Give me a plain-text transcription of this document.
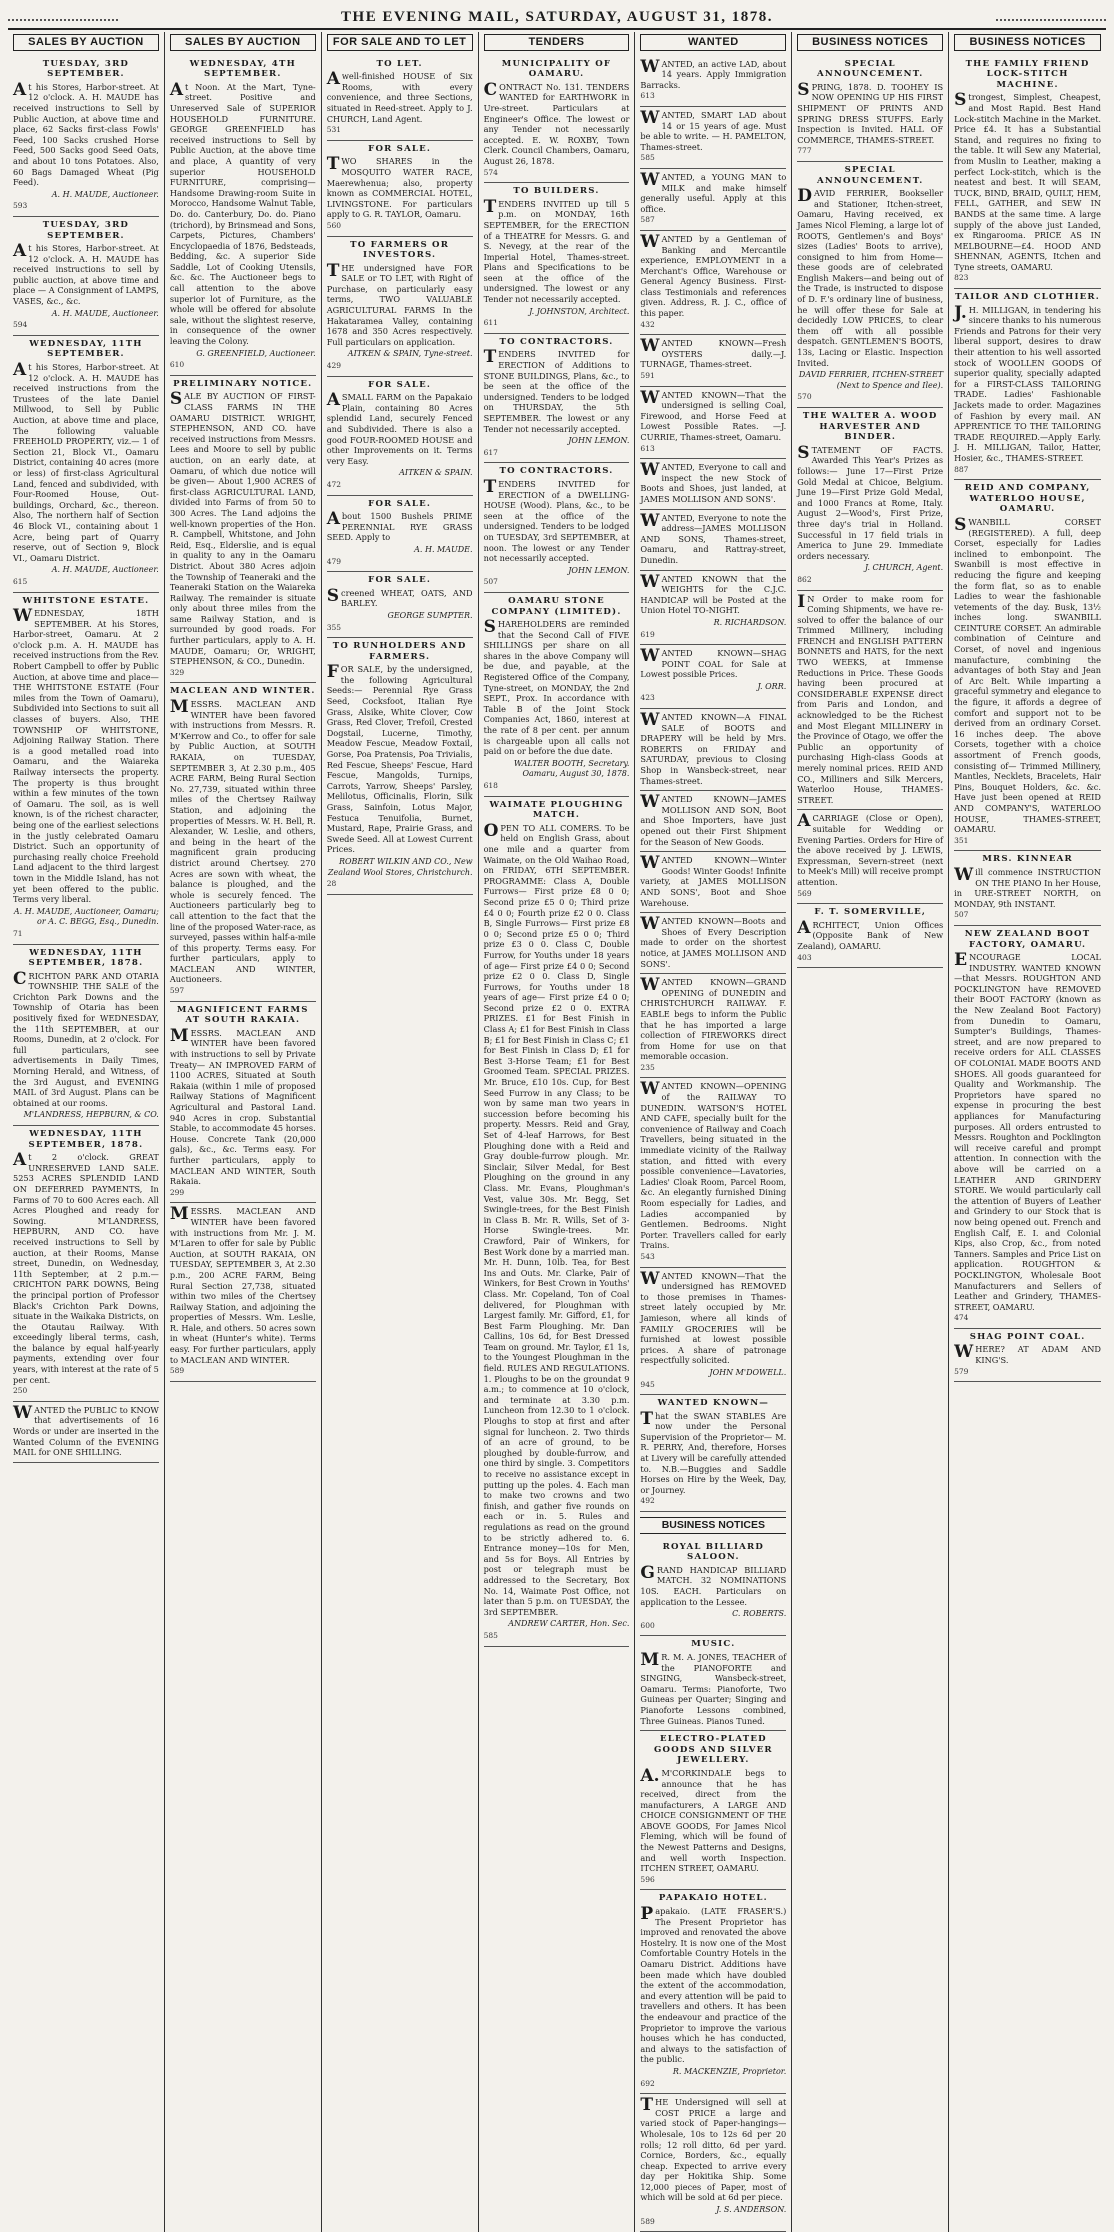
THE EVENING MAIL, SATURDAY, AUGUST 31, 1878.
SALES BY AUCTION
TUESDAY, 3RD SEPTEMBER.

At his Stores, Harbor-street. At 12 o'clock. A. H. MAUDE has received instructions to Sell by Public Auction, at above time and place, 62 Sacks first-class Fowls' Feed, 100 Sacks crushed Horse Feed, 500 Sacks good Seed Oats, and about 10 tons Potatoes. Also, 60 Bags Damaged Wheat (Pig Feed).

A. H. MAUDE, Auctioneer.
593
TUESDAY, 3RD SEPTEMBER.

At his Stores, Harbor-street. At 12 o'clock. A. H. MAUDE has received instructions to sell by public auction, at above time and place — A Consignment of LAMPS, VASES, &c., &c.

A. H. MAUDE, Auctioneer.
594
WEDNESDAY, 11TH SEPTEMBER.

At his Stores, Harbor-street. At 12 o'clock. A. H. MAUDE has received instructions from the Trustees of the late Daniel Millwood, to Sell by Public Auction, at above time and place, The following valuable FREEHOLD PROPERTY, viz.— 1 of Section 21, Block VI., Oamaru District, containing 40 acres (more or less) of first-class Agricultural Land, fenced and subdivided, with Four-Roomed House, Out-buildings, Orchard, &c., thereon. Also, The northern half of Section 46 Block VI., containing about 1 Acre, being part of Quarry reserve, out of Section 9, Block VI., Oamaru District.

A. H. MAUDE, Auctioneer.
615
WHITSTONE ESTATE.

WEDNESDAY, 18TH SEPTEMBER. At his Stores, Harbor-street, Oamaru. At 2 o'clock p.m. A. H. MAUDE has received instructions from the Rev. Robert Campbell to offer by Public Auction, at above time and place— THE WHITSTONE ESTATE (Four miles from the Town of Oamaru), Subdivided into Sections to suit all classes of buyers. Also, THE TOWNSHIP OF WHITSTONE, Adjoining Railway Station. There is a good metalled road into Oamaru, and the Waiareka Railway intersects the property. The property is thus brought within a few minutes of the town of Oamaru. The soil, as is well known, is of the richest character, being one of the earliest selections in the justly celebrated Oamaru District. Such an opportunity of purchasing really choice Freehold Land adjacent to the third largest town in the Middle Island, has not yet been offered to the public. Terms very liberal.

A. H. MAUDE, Auctioneer, Oamaru; or A. C. BEGG, Esq., Dunedin.
71
WEDNESDAY, 11TH SEPTEMBER, 1878.

CRICHTON PARK AND OTARIA TOWNSHIP. THE SALE of the Crichton Park Downs and the Township of Otaria has been positively fixed for WEDNESDAY, the 11th SEPTEMBER, at our Rooms, Dunedin, at 2 o'clock. For full particulars, see advertisements in Daily Times, Morning Herald, and Witness, of the 3rd August, and EVENING MAIL of 3rd August. Plans can be obtained at our rooms.

M'LANDRESS, HEPBURN, & CO.
WEDNESDAY, 11TH SEPTEMBER, 1878.

At 2 o'clock. GREAT UNRESERVED LAND SALE. 5253 ACRES SPLENDID LAND ON DEFERRED PAYMENTS, In Farms of 70 to 600 Acres each. All Acres Ploughed and ready for Sowing. M'LANDRESS, HEPBURN, AND CO. have received instructions to Sell by auction, at their Rooms, Manse street, Dunedin, on Wednesday, 11th September, at 2 p.m.— CRICHTON PARK DOWNS, Being the principal portion of Professor Black's Crichton Park Downs, situate in the Waikaka Districts, on the Otautau Railway. With exceedingly liberal terms, cash, the balance by equal half-yearly payments, extending over four years, with interest at the rate of 5 per cent.

250

WANTED the PUBLIC to KNOW that advertisements of 16 Words or under are inserted in the Wanted Column of the EVENING MAIL for ONE SHILLING.

SALES BY AUCTION
WEDNESDAY, 4TH SEPTEMBER.

At Noon. At the Mart, Tyne-street. Positive and Unreserved Sale of SUPERIOR HOUSEHOLD FURNITURE. GEORGE GREENFIELD has received instructions to Sell by Public Auction, at the above time and place, A quantity of very superior HOUSEHOLD FURNITURE, comprising— Handsome Drawing-room Suite in Morocco, Handsome Walnut Table, Do. do. Canterbury, Do. do. Piano (trichord), by Brinsmead and Sons, Carpets, Pictures, Chambers' Encyclopaedia of 1876, Bedsteads, Bedding, &c. A superior Side Saddle, Lot of Cooking Utensils, &c. &c. The Auctioneer begs to call attention to the above superior lot of Furniture, as the whole will be offered for absolute sale, without the slightest reserve, in consequence of the owner leaving the Colony.

G. GREENFIELD, Auctioneer.
610
PRELIMINARY NOTICE.

SALE BY AUCTION OF FIRST-CLASS FARMS IN THE OAMARU DISTRICT. WRIGHT, STEPHENSON, AND CO. have received instructions from Messrs. Lees and Moore to sell by public auction, on an early date, at Oamaru, of which due notice will be given— About 1,900 ACRES of first-class AGRICULTURAL LAND, divided into Farms of from 50 to 300 Acres. The Land adjoins the well-known properties of the Hon. R. Campbell, Whitstone, and John Reid, Esq., Elderslie, and is equal in quality to any in the Oamaru District. About 380 Acres adjoin the Township of Teaneraki and the Teaneraki Station on the Waiareka Railway. The remainder is situate only about three miles from the same Railway Station, and is surrounded by good roads. For further particulars, apply to A. H. MAUDE, Oamaru; Or, WRIGHT, STEPHENSON, & CO., Dunedin.

329
MACLEAN AND WINTER.

MESSRS. MACLEAN AND WINTER have been favored with instructions from Messrs. R. M'Kerrow and Co., to offer for sale by Public Auction, at SOUTH RAKAIA, on TUESDAY, SEPTEMBER 3, At 2.30 p.m., 405 ACRE FARM, Being Rural Section No. 27,739, situated within three miles of the Chertsey Railway Station, and adjoining the properties of Messrs. W. H. Bell, R. Alexander, W. Leslie, and others, and being in the heart of the magnificent grain producing district around Chertsey. 270 Acres are sown with wheat, the balance is ploughed, and the whole is securely fenced. The Auctioneers particularly beg to call attention to the fact that the line of the proposed Water-race, as surveyed, passes within half-a-mile of this property. Terms easy. For further particulars, apply to MACLEAN AND WINTER, Auctioneers.

597
MAGNIFICENT FARMS AT SOUTH RAKAIA.

MESSRS. MACLEAN AND WINTER have been favored with instructions to sell by Private Treaty— AN IMPROVED FARM of 1100 ACRES, Situated at South Rakaia (within 1 mile of proposed Railway Stations of Magnificent Agricultural and Pastoral Land. 940 Acres in crop. Substantial Stable, to accommodate 45 horses. House. Concrete Tank (20,000 gals), &c., &c. Terms easy. For further particulars, apply to MACLEAN AND WINTER, South Rakaia.

299

MESSRS. MACLEAN AND WINTER have been favored with instructions from Mr. J. M. M'Laren to offer for sale by Public Auction, at SOUTH RAKAIA, ON TUESDAY, SEPTEMBER 3, At 2.30 p.m., 200 ACRE FARM, Being Rural Section 27,738, situated within two miles of the Chertsey Railway Station, and adjoining the properties of Messrs. Wm. Leslie, R. Hale, and others. 50 acres sown in wheat (Hunter's white). Terms easy. For further particulars, apply to MACLEAN AND WINTER.

589
FOR SALE AND TO LET
TO LET.

Awell-finished HOUSE of Six Rooms, with every convenience, and three Sections, situated in Reed-street. Apply to J. CHURCH, Land Agent.

531
FOR SALE.

TWO SHARES in the MOSQUITO WATER RACE, Maerewhenua; also, property known as COMMERCIAL HOTEL, LIVINGSTONE. For particulars apply to G. R. TAYLOR, Oamaru.

560
TO FARMERS OR INVESTORS.

THE undersigned have FOR SALE or TO LET, with Right of Purchase, on particularly easy terms, TWO VALUABLE AGRICULTURAL FARMS In the Hakataramea Valley, containing 1678 and 350 Acres respectively. Full particulars on application.

AITKEN & SPAIN, Tyne-street.
429
FOR SALE.

ASMALL FARM on the Papakaio Plain, containing 80 Acres splendid Land, securely Fenced and Subdivided. There is also a good FOUR-ROOMED HOUSE and other Improvements on it. Terms very Easy.

AITKEN & SPAIN.
472
FOR SALE.

About 1500 Bushels PRIME PERENNIAL RYE GRASS SEED. Apply to

A. H. MAUDE.
479
FOR SALE.

Screened WHEAT, OATS, AND BARLEY.

GEORGE SUMPTER.
355
TO RUNHOLDERS AND FARMERS.

FOR SALE, by the undersigned, the following Agricultural Seeds:— Perennial Rye Grass Seed, Cocksfoot, Italian Rye Grass, Alsike, White Clover, Cow Grass, Red Clover, Trefoil, Crested Dogstail, Lucerne, Timothy, Meadow Fescue, Meadow Foxtail, Gorse, Poa Pratensis, Poa Trivialis, Red Fescue, Sheeps' Fescue, Hard Fescue, Mangolds, Turnips, Carrots, Yarrow, Sheeps' Parsley, Melilotus, Officinalis, Florin, Silk Grass, Sainfoin, Lotus Major, Festuca Tenuifolia, Burnet, Mustard, Rape, Prairie Grass, and Swede Seed. All at Lowest Current Prices.

ROBERT WILKIN AND CO., New Zealand Wool Stores, Christchurch.
28
TENDERS
MUNICIPALITY OF OAMARU.

CONTRACT No. 131. TENDERS WANTED for EARTHWORK in Ure-street. Particulars at Engineer's Office. The lowest or any Tender not necessarily accepted. E. W. ROXBY, Town Clerk. Council Chambers, Oamaru, August 26, 1878.

574
TO BUILDERS.

TENDERS INVITED up till 5 p.m. on MONDAY, 16th SEPTEMBER, for the ERECTION of a THEATRE for Messrs. G. and S. Nevegy, at the rear of the Imperial Hotel, Thames-street. Plans and Specifications to be seen at the office of the undersigned. The lowest or any Tender not necessarily accepted.

J. JOHNSTON, Architect.
611
TO CONTRACTORS.

TENDERS INVITED for ERECTION of Additions to STONE BUILDINGS, Plans, &c., to be seen at the office of the undersigned. Tenders to be lodged on THURSDAY, the 5th SEPTEMBER. The lowest or any Tender not necessarily accepted.

JOHN LEMON.
617
TO CONTRACTORS.

TENDERS INVITED for ERECTION of a DWELLING-HOUSE (Wood). Plans, &c., to be seen at the office of the undersigned. Tenders to be lodged on TUESDAY, 3rd SEPTEMBER, at noon. The lowest or any Tender not necessarily accepted.

JOHN LEMON.
507
OAMARU STONE COMPANY (LIMITED).

SHAREHOLDERS are reminded that the Second Call of FIVE SHILLINGS per share on all shares in the above Company will be due, and payable, at the Registered Office of the Company, Tyne-street, on MONDAY, the 2nd SEPT., Prox. In accordance with Table B of the Joint Stock Companies Act, 1860, interest at the rate of 8 per cent. per annum is chargeable upon all calls not paid on or before the due date.

WALTER BOOTH, Secretary. Oamaru, August 30, 1878.
618
WAIMATE PLOUGHING MATCH.

OPEN TO ALL COMERS. To be held on English Grass, about one mile and a quarter from Waimate, on the Old Waihao Road, on FRIDAY, 6TH SEPTEMBER. PROGRAMME: Class A, Double Furrows— First prize £8 0 0; Second prize £5 0 0; Third prize £4 0 0; Fourth prize £2 0 0. Class B, Single Furrows— First prize £8 0 0; Second prize £5 0 0; Third prize £3 0 0. Class C, Double Furrow, for Youths under 18 years of age— First prize £4 0 0; Second prize £2 0 0. Class D, Single Furrows, for Youths under 18 years of age— First prize £4 0 0; Second prize £2 0 0. EXTRA PRIZES. £1 for Best Finish in Class A; £1 for Best Finish in Class B; £1 for Best Finish in Class C; £1 for Best Finish in Class D; £1 for Best 3-Horse Team; £1 for Best Groomed Team. SPECIAL PRIZES. Mr. Bruce, £10 10s. Cup, for Best Seed Furrow in any Class; to be won by same man two years in succession before becoming his property. Messrs. Reid and Gray, Set of 4-leaf Harrows, for Best Ploughing done with a Reid and Gray double-furrow plough. Mr. Sinclair, Silver Medal, for Best Ploughing on the ground in any Class. Mr. Evans, Ploughman's Vest, value 30s. Mr. Begg, Set Swingle-trees, for the Best Finish in Class B. Mr. R. Wills, Set of 3-Horse Swingle-trees. Mr. Crawford, Pair of Winkers, for Best Work done by a married man. Mr. H. Dunn, 10lb. Tea, for Best Ins and Outs. Mr. Clarke, Pair of Winkers, for Best Crown in Youths' Class. Mr. Copeland, Ton of Coal delivered, for Ploughman with Largest family. Mr. Gifford, £1, for Best Farm Ploughing. Mr. Dan Callins, 10s 6d, for Best Dressed Team on ground. Mr. Taylor, £1 1s, to the Youngest Ploughman in the field. RULES AND REGULATIONS. 1. Ploughs to be on the groundat 9 a.m.; to commence at 10 o'clock, and terminate at 3.30 p.m. Luncheon from 12.30 to 1 o'clock. Ploughs to stop at first and after signal for luncheon. 2. Two thirds of an acre of ground, to be ploughed by double-furrow, and one third by single. 3. Competitors to receive no assistance except in putting up the poles. 4. Each man to make two crowns and two finish, and gather five rounds on each or in. 5. Rules and regulations as read on the ground to be strictly adhered to. 6. Entrance money—10s for Men, and 5s for Boys. All Entries by post or telegraph must be addressed to the Secretary, Box No. 14, Waimate Post Office, not later than 5 p.m. on TUESDAY, the 3rd SEPTEMBER.

ANDREW CARTER, Hon. Sec.
585
WANTED

WANTED, an active LAD, about 14 years. Apply Immigration Barracks.

613

WANTED, SMART LAD about 14 or 15 years of age. Must be able to write. — H. PAMELTON, Thames-street.

585

WANTED, a YOUNG MAN to MILK and make himself generally useful. Apply at this office.

587

WANTED by a Gentleman of Banking and Mercantile experience, EMPLOYMENT in a Merchant's Office, Warehouse or General Agency Business. First-class Testimonials and references given. Address, R. J. C., office of this paper.

432

WANTED KNOWN—Fresh OYSTERS daily.—J. TURNAGE, Thames-street.

591

WANTED KNOWN—That the undersigned is selling Coal, Firewood, and Horse Feed at Lowest Possible Rates. —J. CURRIE, Thames-street, Oamaru.

613

WANTED, Everyone to call and inspect the new Stock of Boots and Shoes, just landed, at JAMES MOLLISON AND SONS'.

WANTED, Everyone to note the address—JAMES MOLLISON AND SONS, Thames-street, Oamaru, and Rattray-street, Dunedin.

WANTED KNOWN that the WEIGHTS for the C.J.C. HANDICAP will be Posted at the Union Hotel TO-NIGHT.

R. RICHARDSON.
619

WANTED KNOWN—SHAG POINT COAL for Sale at Lowest possible Prices.

J. ORR.
423

WANTED KNOWN—A FINAL SALE of BOOTS and DRAPERY will be held by Mrs. ROBERTS on FRIDAY and SATURDAY, previous to Closing Shop in Wansbeck-street, near Thames-street.

WANTED KNOWN—JAMES MOLLISON AND SON, Boot and Shoe Importers, have just opened out their First Shipment for the Season of New Goods.

WANTED KNOWN—Winter Goods! Winter Goods! Infinite variety, at JAMES MOLLISON AND SONS', Boot and Shoe Warehouse.

WANTED KNOWN—Boots and Shoes of Every Description made to order on the shortest notice, at JAMES MOLLISON AND SONS'.

WANTED KNOWN—GRAND OPENING of DUNEDIN and CHRISTCHURCH RAILWAY. F. EABLE begs to inform the Public that he has imported a large collection of FIREWORKS direct from Home for use on that memorable occasion.

235

WANTED KNOWN—OPENING of the RAILWAY TO DUNEDIN. WATSON'S HOTEL AND CAFE, specially built for the convenience of Railway and Coach Travellers, being situated in the immediate vicinity of the Railway station, and fitted with every possible convenience—Lavatories, Ladies' Cloak Room, Parcel Room, &c. An elegantly furnished Dining Room especially for Ladies, and Ladies accompanied by Gentlemen. Bedrooms. Night Porter. Travellers called for early Trains.

543

WANTED KNOWN—That the undersigned has REMOVED to those premises in Thames-street lately occupied by Mr. Jamieson, where all kinds of FAMILY GROCERIES will be furnished at lowest possible prices. A share of patronage respectfully solicited.

JOHN M'DOWELL.
945
WANTED KNOWN—

That the SWAN STABLES Are now under the Personal Supervision of the Proprietor— M. R. PERRY, And, therefore, Horses at Livery will be carefully attended to. N.B.—Buggies and Saddle Horses on Hire by the Week, Day, or Journey.

492
BUSINESS NOTICES
ROYAL BILLIARD SALOON.

GRAND HANDICAP BILLIARD MATCH. 32 NOMINATIONS 10S. EACH. Particulars on application to the Lessee.

C. ROBERTS.
600
MUSIC.

MR. M. A. JONES, TEACHER of the PIANOFORTE and SINGING, Wansbeck-street, Oamaru. Terms: Pianoforte, Two Guineas per Quarter; Singing and Pianoforte Lessons combined, Three Guineas. Pianos Tuned.

ELECTRO-PLATED GOODS AND SILVER JEWELLERY.

A.M'CORKINDALE begs to announce that he has received, direct from the manufacturers, A LARGE AND CHOICE CONSIGNMENT OF THE ABOVE GOODS, For James Nicol Fleming, which will be found of the Newest Patterns and Designs, and well worth Inspection. ITCHEN STREET, OAMARU.

596
PAPAKAIO HOTEL.

Papakaio. (LATE FRASER'S.) The Present Proprietor has improved and renovated the above Hostelry. It is now one of the Most Comfortable Country Hotels in the Oamaru District. Additions have been made which have doubled the extent of the accommodation, and every attention will be paid to travellers and others. It has been the endeavour and practice of the Proprietor to improve the various houses which he has conducted, and always to the satisfaction of the public.

R. MACKENZIE, Proprietor.
692

THE Undersigned will sell at COST PRICE a large and varied stock of Paper-hangings—Wholesale, 10s to 12s 6d per 20 rolls; 12 roll ditto, 6d per yard. Cornice, Borders, &c., equally cheap. Expected to arrive every day per Hokitika Ship. Some 12,000 pieces of Paper, most of which will be sold at 6d per piece.

J. S. ANDERSON.
589
BUSINESS NOTICES
SPECIAL ANNOUNCEMENT.

SPRING, 1878. D. TOOHEY IS NOW OPENING UP HIS FIRST SHIPMENT OF PRINTS AND SPRING DRESS STUFFS. Early Inspection is Invited. HALL OF COMMERCE, THAMES-STREET.

777
SPECIAL ANNOUNCEMENT.

DAVID FERRIER, Bookseller and Stationer, Itchen-street, Oamaru, Having received, ex James Nicol Fleming, a large lot of ROOTS, Gentlemen's and Boys' sizes (Ladies' Boots to arrive), consigned to him from Home—these goods are of celebrated English Makers—and being out of the Trade, is instructed to dispose of D. F.'s ordinary line of business, he will offer these for Sale at decidedly LOW PRICES, to clear them off with all possible despatch. GENTLEMEN'S BOOTS, 13s, Lacing or Elastic. Inspection Invited.

DAVID FERRIER, ITCHEN-STREET (Next to Spence and Ilee).
570
THE WALTER A. WOOD HARVESTER AND BINDER.

STATEMENT OF FACTS. Awarded This Year's Prizes as follows:— June 17—First Prize Gold Medal at Chicoe, Belgium. June 19—First Prize Gold Medal, and 1000 Francs at Rome, Italy. August 2—Wood's, First Prize, three day's trial in Holland. Successful in 17 field trials in America to June 29. Immediate orders necessary.

J. CHURCH, Agent.
862

IN Order to make room for Coming Shipments, we have re-solved to offer the balance of our Trimmed Millinery, including FRENCH and ENGLISH PATTERN BONNETS and HATS, for the next TWO WEEKS, at Immense Reductions in Price. These Goods having been procured at CONSIDERABLE EXPENSE direct from Paris and London, and acknowledged to be the Richest and Most Elegant MILLINERY in the Province of Otago, we offer the Public an opportunity of purchasing High-class Goods at merely nominal prices. REID AND CO., Milliners and Silk Mercers, Waterloo House, THAMES-STREET.

ACARRIAGE (Close or Open), suitable for Wedding or Evening Parties. Orders for Hire of the above received by J. LEWIS, Expressman, Severn-street (next to Meek's Mill) will receive prompt attention.

569
F. T. SOMERVILLE,

ARCHITECT, Union Offices (Opposite Bank of New Zealand), OAMARU.

403
BUSINESS NOTICES
THE FAMILY FRIEND LOCK-STITCH MACHINE.

Strongest, Simplest, Cheapest, and Most Rapid. Best Hand Lock-stitch Machine in the Market. Price £4. It has a Substantial Stand, and requires no fixing to the table. It will Sew any Material, from Muslin to Leather, making a perfect Lock-stitch, which is the neatest and best. It will SEAM, TUCK, BIND, BRAID, QUILT, HEM, FELL, GATHER, and SEW IN BANDS at the same time. A large supply of the above just Landed, ex Ringarooma. PRICE AS IN MELBOURNE—£4. HOOD AND SHENNAN, AGENTS, Itchen and Tyne streets, OAMARU.

823
TAILOR AND CLOTHIER.

J.H. MILLIGAN, in tendering his sincere thanks to his numerous Friends and Patrons for their very liberal support, desires to draw their attention to his well assorted stock of WOOLLEN GOODS Of superior quality, specially adapted for a FIRST-CLASS TAILORING TRADE. Ladies' Fashionable Jackets made to order. Magazines of Fashion by every mail. AN APPRENTICE TO THE TAILORING TRADE REQUIRED.—Apply Early. J. H. MILLIGAN, Tailor, Hatter, Hosier, &c., THAMES-STREET.

887
REID AND COMPANY, WATERLOO HOUSE, OAMARU.

SWANBILL CORSET (REGISTERED). A full, deep Corset, especially for Ladies inclined to embonpoint. The Swanbill is most effective in reducing the figure and keeping the form flat, so as to enable Ladies to wear the fashionable vetements of the day. Busk, 13½ inches long. SWANBILL CEINTURE CORSET. An admirable combination of Ceinture and Corset, of novel and ingenious manufacture, combining the advantages of both Stay and Jean of Arc Belt. While imparting a graceful symmetry and elegance to the figure, it affords a degree of comfort and support not to be derived from an ordinary Corset. 16 inches deep. The above Corsets, together with a choice assortment of French goods, consisting of— Trimmed Millinery, Mantles, Necklets, Bracelets, Hair Pins, Bouquet Holders, &c. &c. Have just been opened at REID AND COMPANY'S, WATERLOO HOUSE, THAMES-STREET, OAMARU.

351
MRS. KINNEAR

Will commence INSTRUCTION ON THE PIANO In her House, in URE-STREET NORTH, on MONDAY, 9th INSTANT.

507
NEW ZEALAND BOOT FACTORY, OAMARU.

ENCOURAGE LOCAL INDUSTRY. WANTED KNOWN—that Messrs. ROUGHTON AND POCKLINGTON have REMOVED their BOOT FACTORY (known as the New Zealand Boot Factory) from Dunedin to Oamaru, Sumpter's Buildings, Thames-street, and are now prepared to receive orders for ALL CLASSES OF COLONIAL MADE BOOTS AND SHOES. All goods guaranteed for Quality and Workmanship. The Proprietors have spared no expense in procuring the best appliances for Manufacturing purposes. All orders entrusted to Messrs. Roughton and Pocklington will receive careful and prompt attention. In connection with the above will be carried on a LEATHER AND GRINDERY STORE. We would particularly call the attention of Buyers of Leather and Grindery to our Stock that is now being opened out. French and English Calf, E. I. and Colonial Kips, also Crop, &c., from noted Tanners. Samples and Price List on application. ROUGHTON & POCKLINGTON, Wholesale Boot Manufacturers and Sellers of Leather and Grindery, THAMES-STREET, OAMARU.

474
SHAG POINT COAL.

WHERE? AT ADAM AND KING'S.

579
